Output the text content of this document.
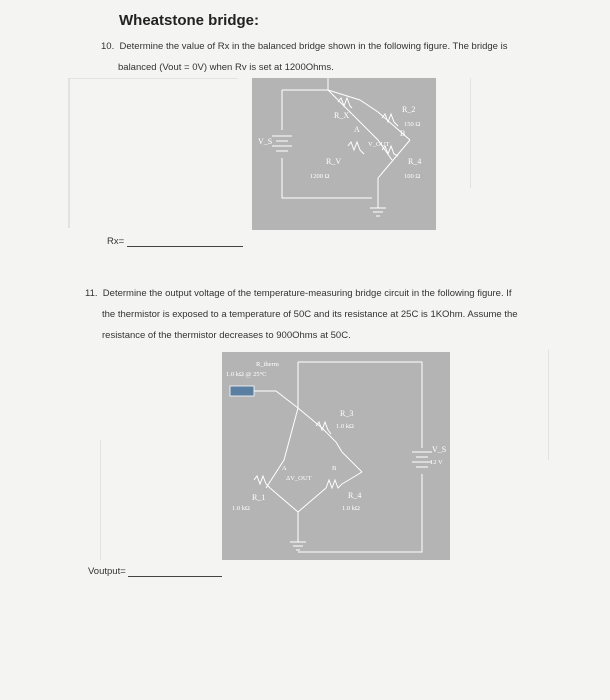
Wheatstone bridge:
10. Determine the value of Rx in the balanced bridge shown in the following figure. The bridge is
balanced (Vout = 0V) when Rv is set at 1200Ohms.
V_S
R_X
R_2
150 Ω
A	B
V_OUT
R_V
1200 Ω
R_4
100 Ω
Rx=
11. Determine the output voltage of the temperature-measuring bridge circuit in the following figure. If
the thermistor is exposed to a temperature of 50C and its resistance at 25C is 1KOhm. Assume the
resistance of the thermistor decreases to 900Ohms at 50C.
R_therm
1.0 kΩ @ 25°C
R_3
1.0 kΩ
A	B
ΔV_OUT
V_S
12 V
R_1
1.0 kΩ
R_4
1.0 kΩ
Voutput=
